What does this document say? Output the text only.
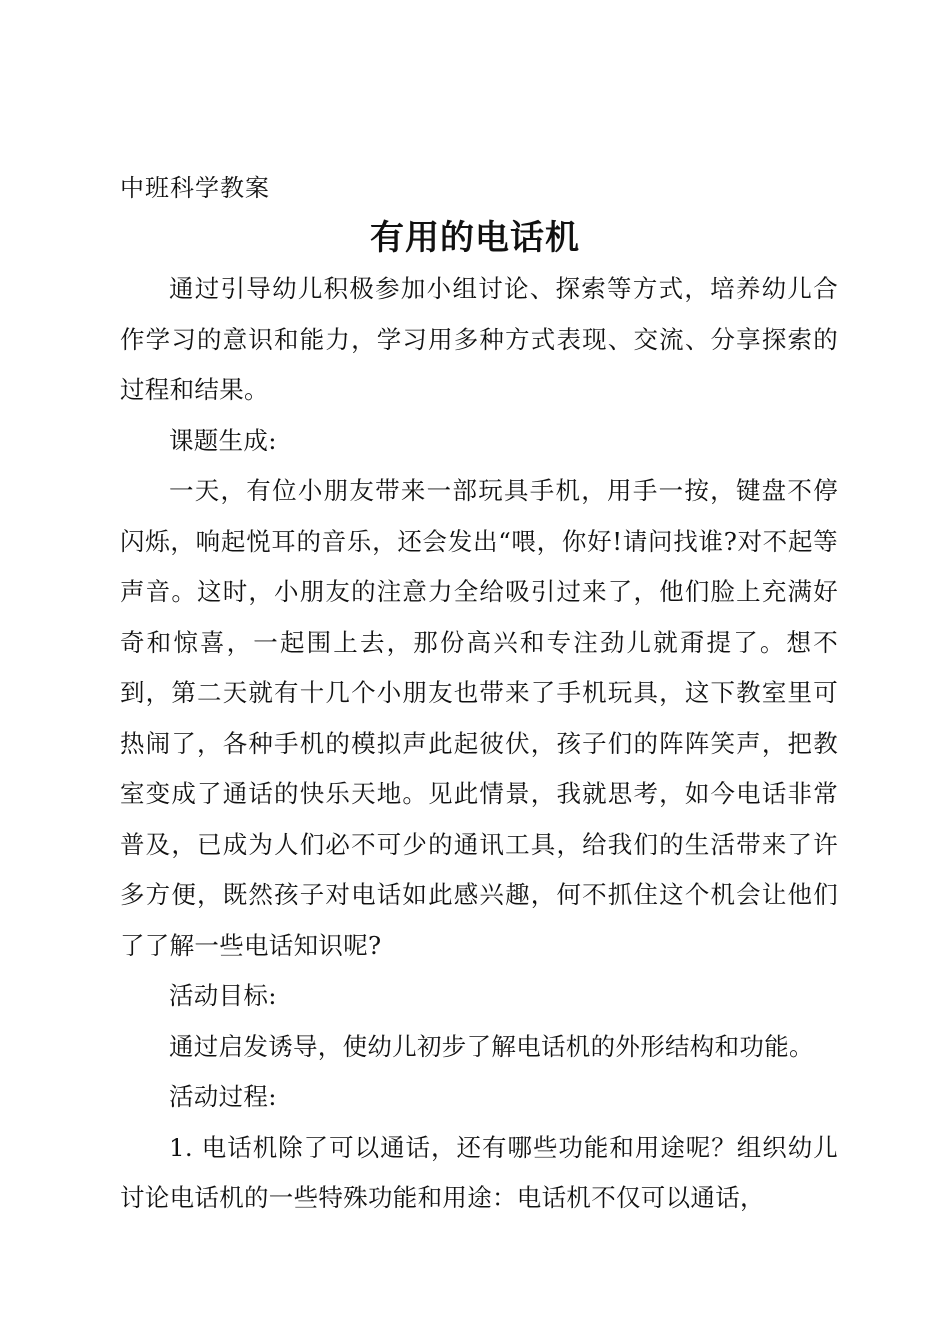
中班科学教案
有用的电话机

通过引导幼儿积极参加小组讨论、探索等方式，培养幼儿合作学习的意识和能力，学习用多种方式表现、交流、分享探索的过程和结果。

课题生成:

一天，有位小朋友带来一部玩具手机，用手一按，键盘不停闪烁，响起悦耳的音乐，还会发出“喂，你好!请问找谁?对不起等声音。这时，小朋友的注意力全给吸引过来了，他们脸上充满好奇和惊喜，一起围上去，那份高兴和专注劲儿就甭提了。想不到，第二天就有十几个小朋友也带来了手机玩具，这下教室里可热闹了，各种手机的模拟声此起彼伏，孩子们的阵阵笑声，把教室变成了通话的快乐天地。见此情景，我就思考，如今电话非常普及，已成为人们必不可少的通讯工具，给我们的生活带来了许多方便，既然孩子对电话如此感兴趣，何不抓住这个机会让他们了了解一些电话知识呢?

活动目标:

通过启发诱导，使幼儿初步了解电话机的外形结构和功能。

活动过程:

1. 电话机除了可以通话，还有哪些功能和用途呢？组织幼儿讨论电话机的一些特殊功能和用途：电话机不仅可以通话，
